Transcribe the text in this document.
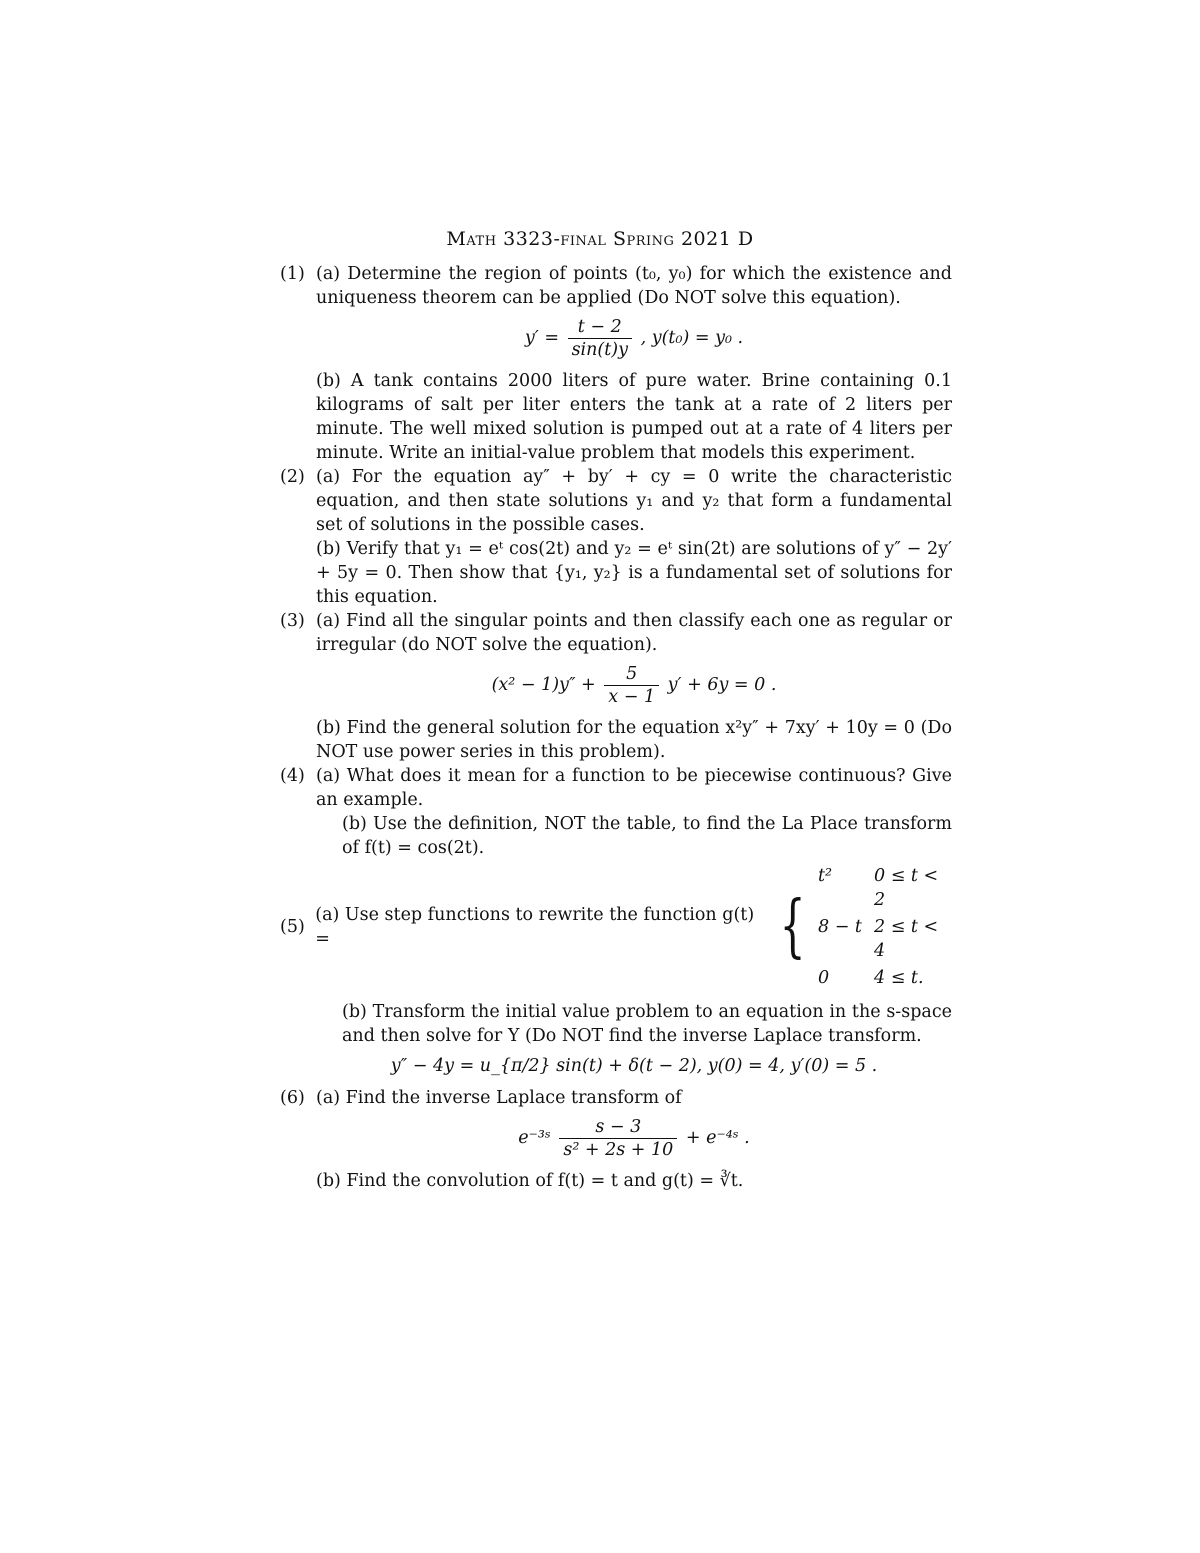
Math 3323-final Spring 2021 D
(1) (a) Determine the region of points (t₀, y₀) for which the existence and uniqueness theorem can be applied (Do NOT solve this equation).
$y' = \frac{t - 2}{\sin(t)y}$ , y(t₀) = y₀ .
(b) A tank contains 2000 liters of pure water. Brine containing 0.1 kilograms of salt per liter enters the tank at a rate of 2 liters per minute. The well mixed solution is pumped out at a rate of 4 liters per minute. Write an initial-value problem that models this experiment.
(2) (a) For the equation ay″ + by′ + cy = 0 write the characteristic equation, and then state solutions y₁ and y₂ that form a fundamental set of solutions in the possible cases.
(b) Verify that y₁ = eᵗ cos(2t) and y₂ = eᵗ sin(2t) are solutions of y″ − 2y′ + 5y = 0. Then show that {y₁, y₂} is a fundamental set of solutions for this equation.
(3) (a) Find all the singular points and then classify each one as regular or irregular (do NOT solve the equation).
$(x^2 - 1)y'' + \frac{5}{x - 1} y' + 6y = 0$ .
(b) Find the general solution for the equation x²y″ + 7xy′ + 10y = 0 (Do NOT use power series in this problem).
(4) (a) What does it mean for a function to be piecewise continuous? Give an example.
(b) Use the definition, NOT the table, to find the La Place transform of f(t) = cos(2t).
(5)
(a) Use step functions to rewrite the function g(t) =	{
t²	0 ≤ t < 2
8 − t 2 ≤ t < 4
0	4 ≤ t.
(b) Transform the initial value problem to an equation in the s-space and then solve for Y (Do NOT find the inverse Laplace transform.
y″ − 4y = u_{π/2} sin(t) + δ(t − 2), y(0) = 4, y′(0) = 5 .
(6) (a) Find the inverse Laplace transform of
e⁻³ˢ $\frac{s - 3}{\text{s² + 2s + 10}}$ + e⁻⁴ˢ .
(b) Find the convolution of f(t) = t and g(t) = ∛t.
